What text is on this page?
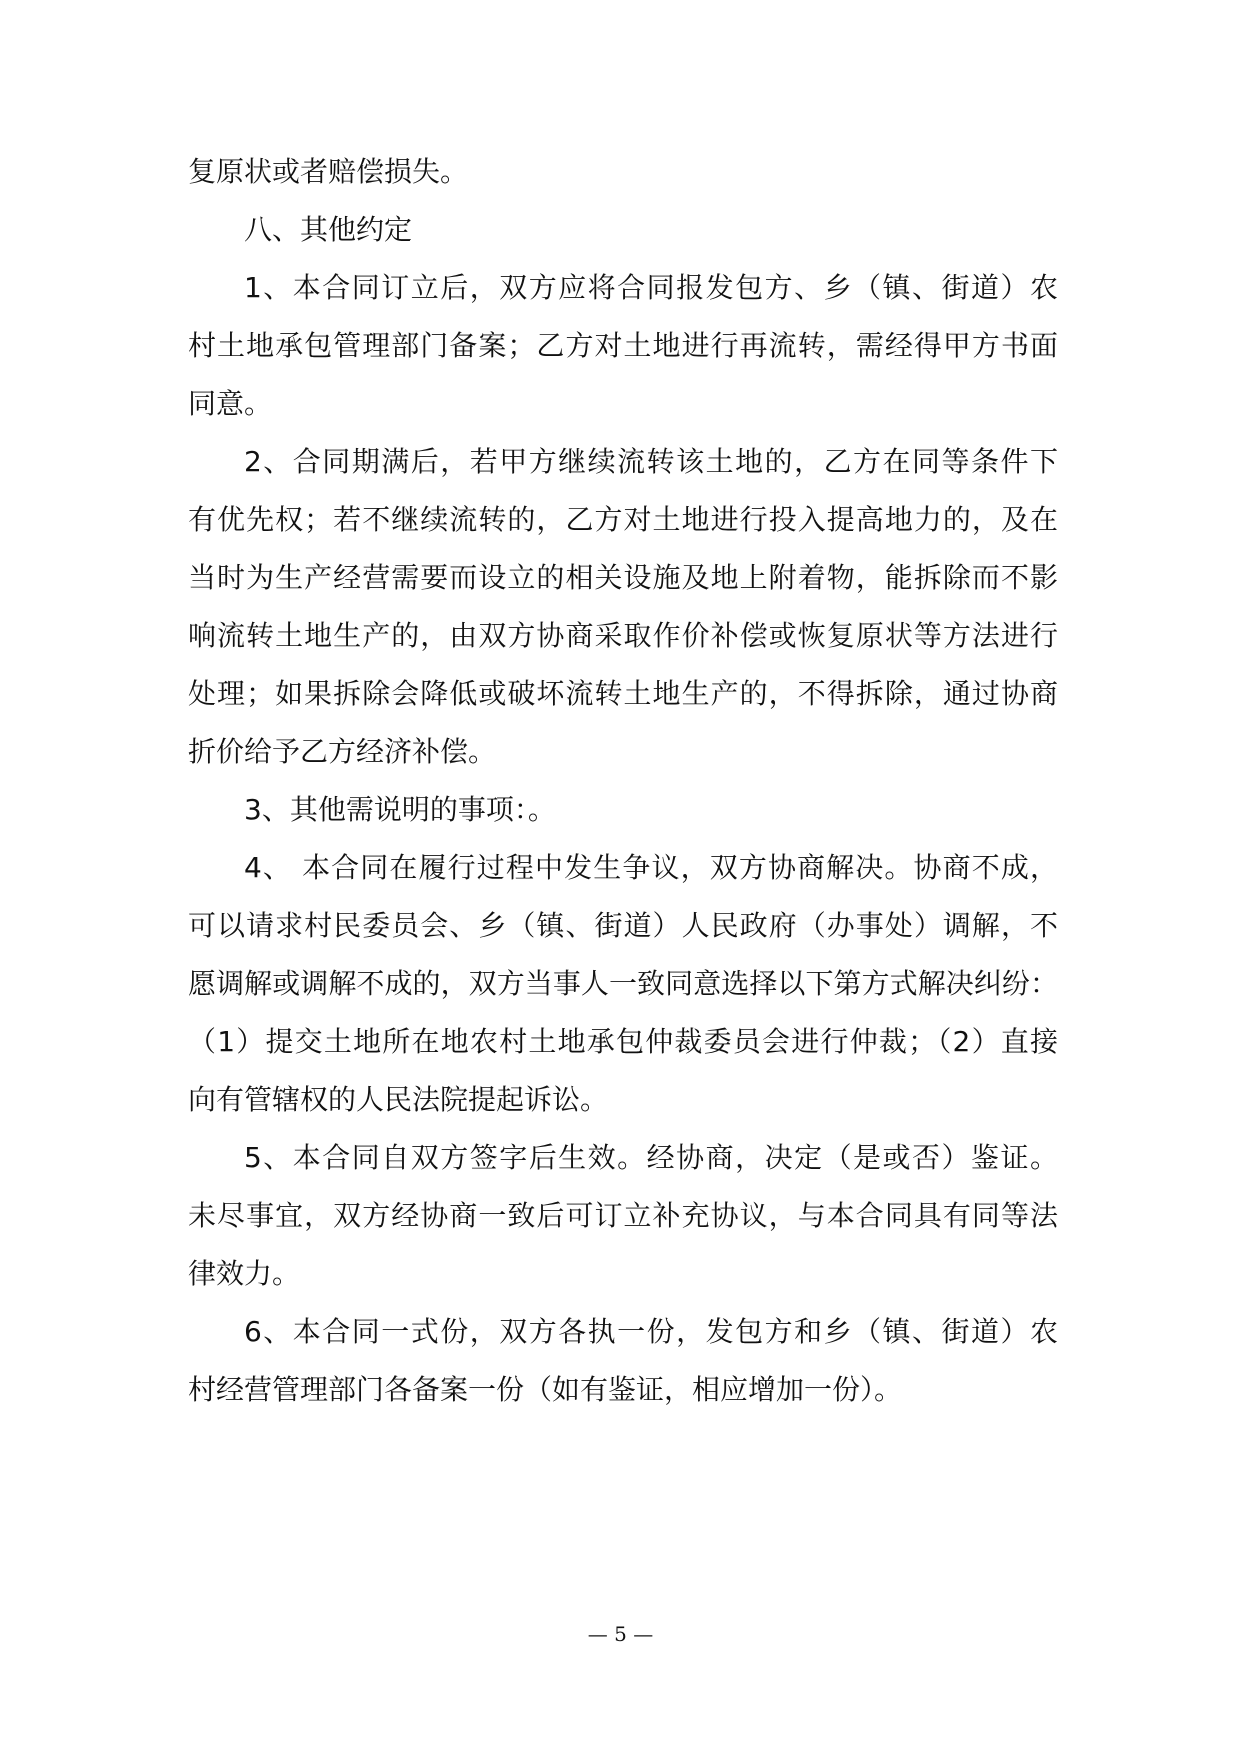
复原状或者赔偿损失。
八、其他约定
1、本合同订立后，双方应将合同报发包方、乡（镇、街道）农
村土地承包管理部门备案；乙方对土地进行再流转，需经得甲方书面
同意。
2、合同期满后，若甲方继续流转该土地的，乙方在同等条件下
有优先权；若不继续流转的，乙方对土地进行投入提高地力的，及在
当时为生产经营需要而设立的相关设施及地上附着物，能拆除而不影
响流转土地生产的，由双方协商采取作价补偿或恢复原状等方法进行
处理；如果拆除会降低或破坏流转土地生产的，不得拆除，通过协商
折价给予乙方经济补偿。
3、其他需说明的事项：。
4、 本合同在履行过程中发生争议，双方协商解决。协商不成，
可以请求村民委员会、乡（镇、街道）人民政府（办事处）调解，不
愿调解或调解不成的，双方当事人一致同意选择以下第方式解决纠纷：
（1）提交土地所在地农村土地承包仲裁委员会进行仲裁；（2）直接
向有管辖权的人民法院提起诉讼。
5、本合同自双方签字后生效。经协商，决定（是或否）鉴证。
未尽事宜，双方经协商一致后可订立补充协议，与本合同具有同等法
律效力。
6、本合同一式份，双方各执一份，发包方和乡（镇、街道）农
村经营管理部门各备案一份（如有鉴证，相应增加一份）。
— 5 —
